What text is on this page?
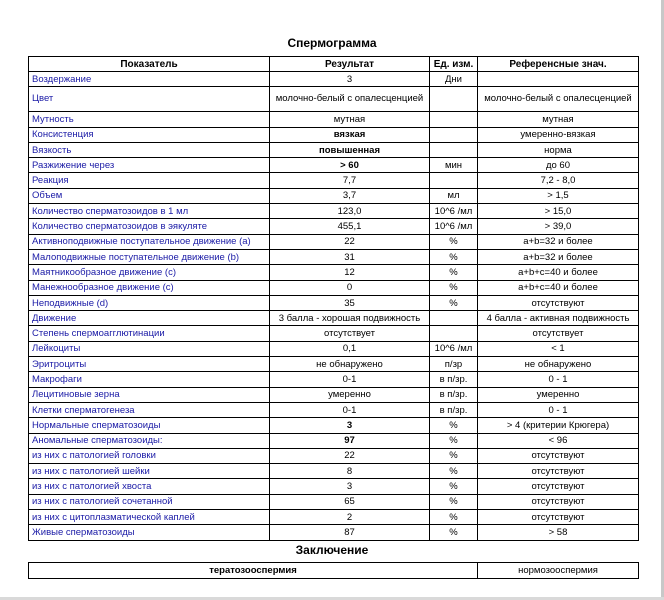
Спермограмма
Показатель	Результат	Ед. изм.	Референсные знач.
Воздержание	3	Дни	
Цвет	молочно-белый с опалесценцией		молочно-белый с опалесценцией
Мутность	мутная		мутная
Консистенция	вязкая		умеренно-вязкая
Вязкость	повышенная		норма
Разжижение через	> 60	мин	до 60
Реакция	7,7		7,2 - 8,0
Объем	3,7	мл	> 1,5
Количество сперматозоидов в 1 мл	123,0	10^6 /мл	> 15,0
Количество сперматозоидов в эякуляте	455,1	10^6 /мл	> 39,0
Активноподвижные поступательное движение (a)	22	%	a+b=32 и более
Малоподвижные поступательное движение (b)	31	%	a+b=32 и более
Маятникообразное движение (c)	12	%	a+b+c=40 и более
Манежнообразное движение (c)	0	%	a+b+c=40 и более
Неподвижные (d)	35	%	отсутствуют
Движение	3 балла - хорошая подвижность		4 балла - активная подвижность
Степень спермоагглютинации	отсутствует		отсутствует
Лейкоциты	0,1	10^6 /мл	< 1
Эритроциты	не обнаружено	п/зр	не обнаружено
Макрофаги	0-1	в п/зр.	0 - 1
Лецитиновые зерна	умеренно	в п/зр.	умеренно
Клетки сперматогенеза	0-1	в п/зр.	0 - 1
Нормальные сперматозоиды	3	%	> 4 (критерии Крюгера)
Аномальные сперматозоиды:	97	%	< 96
из них с патологией головки	22	%	отсутствуют
из них с патологией шейки	8	%	отсутствуют
из них с патологией хвоста	3	%	отсутствуют
из них с патологией сочетанной	65	%	отсутствуют
из них с цитоплазматической каплей	2	%	отсутствуют
Живые сперматозоиды	87	%	> 58
Заключение
тератозооспермия	нормозооспермия
